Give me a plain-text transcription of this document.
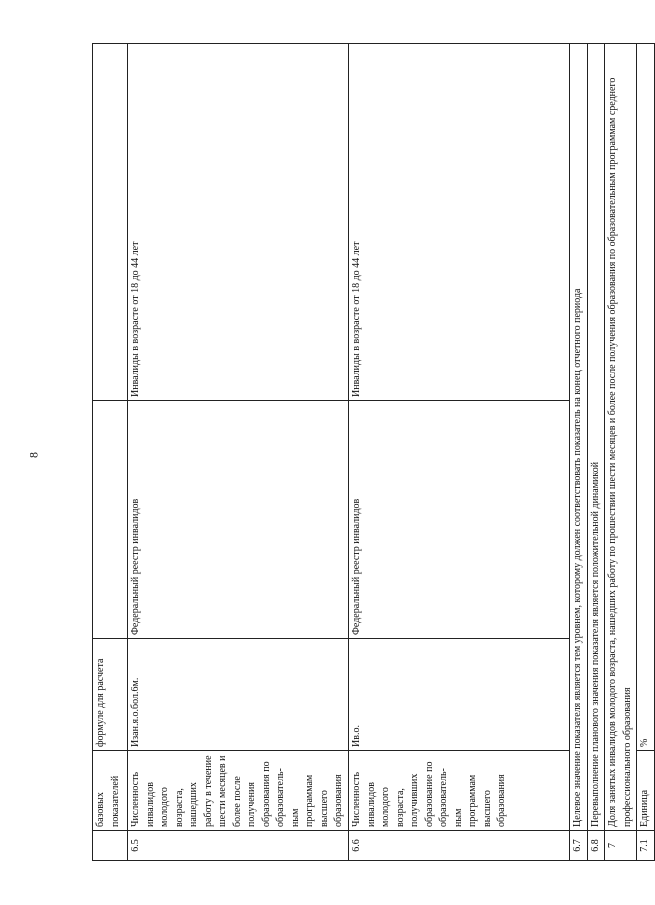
8
	базовых показателей	формуле для расчета		
6.5	Численность инвалидов молодого возраста, нашедших работу в течение шести месяцев и более после получения образования по образователь-ным программам высшего образования	Изан.я.о.бол.6м.	Федеральный реестр инвалидов	Инвалиды в возрасте от 18 до 44 лет
6.6	Численность инвалидов молодого возраста, получивших образование по образователь-ным программам высшего образования	Ив.о.	Федеральный реестр инвалидов	Инвалиды в возрасте от 18 до 44 лет
6.7	Целевое значение показателя является тем уровнем, которому должен соответствовать показатель на конец отчетного периода			
6.8	Перевыполнение планового значения показателя является положительной динамикой			
7	Доля занятых инвалидов молодого возраста, нашедших работу по прошествии шести месяцев и более после получения образования по образовательным программам среднего профессионального образования			
7.1	Единица	%		
